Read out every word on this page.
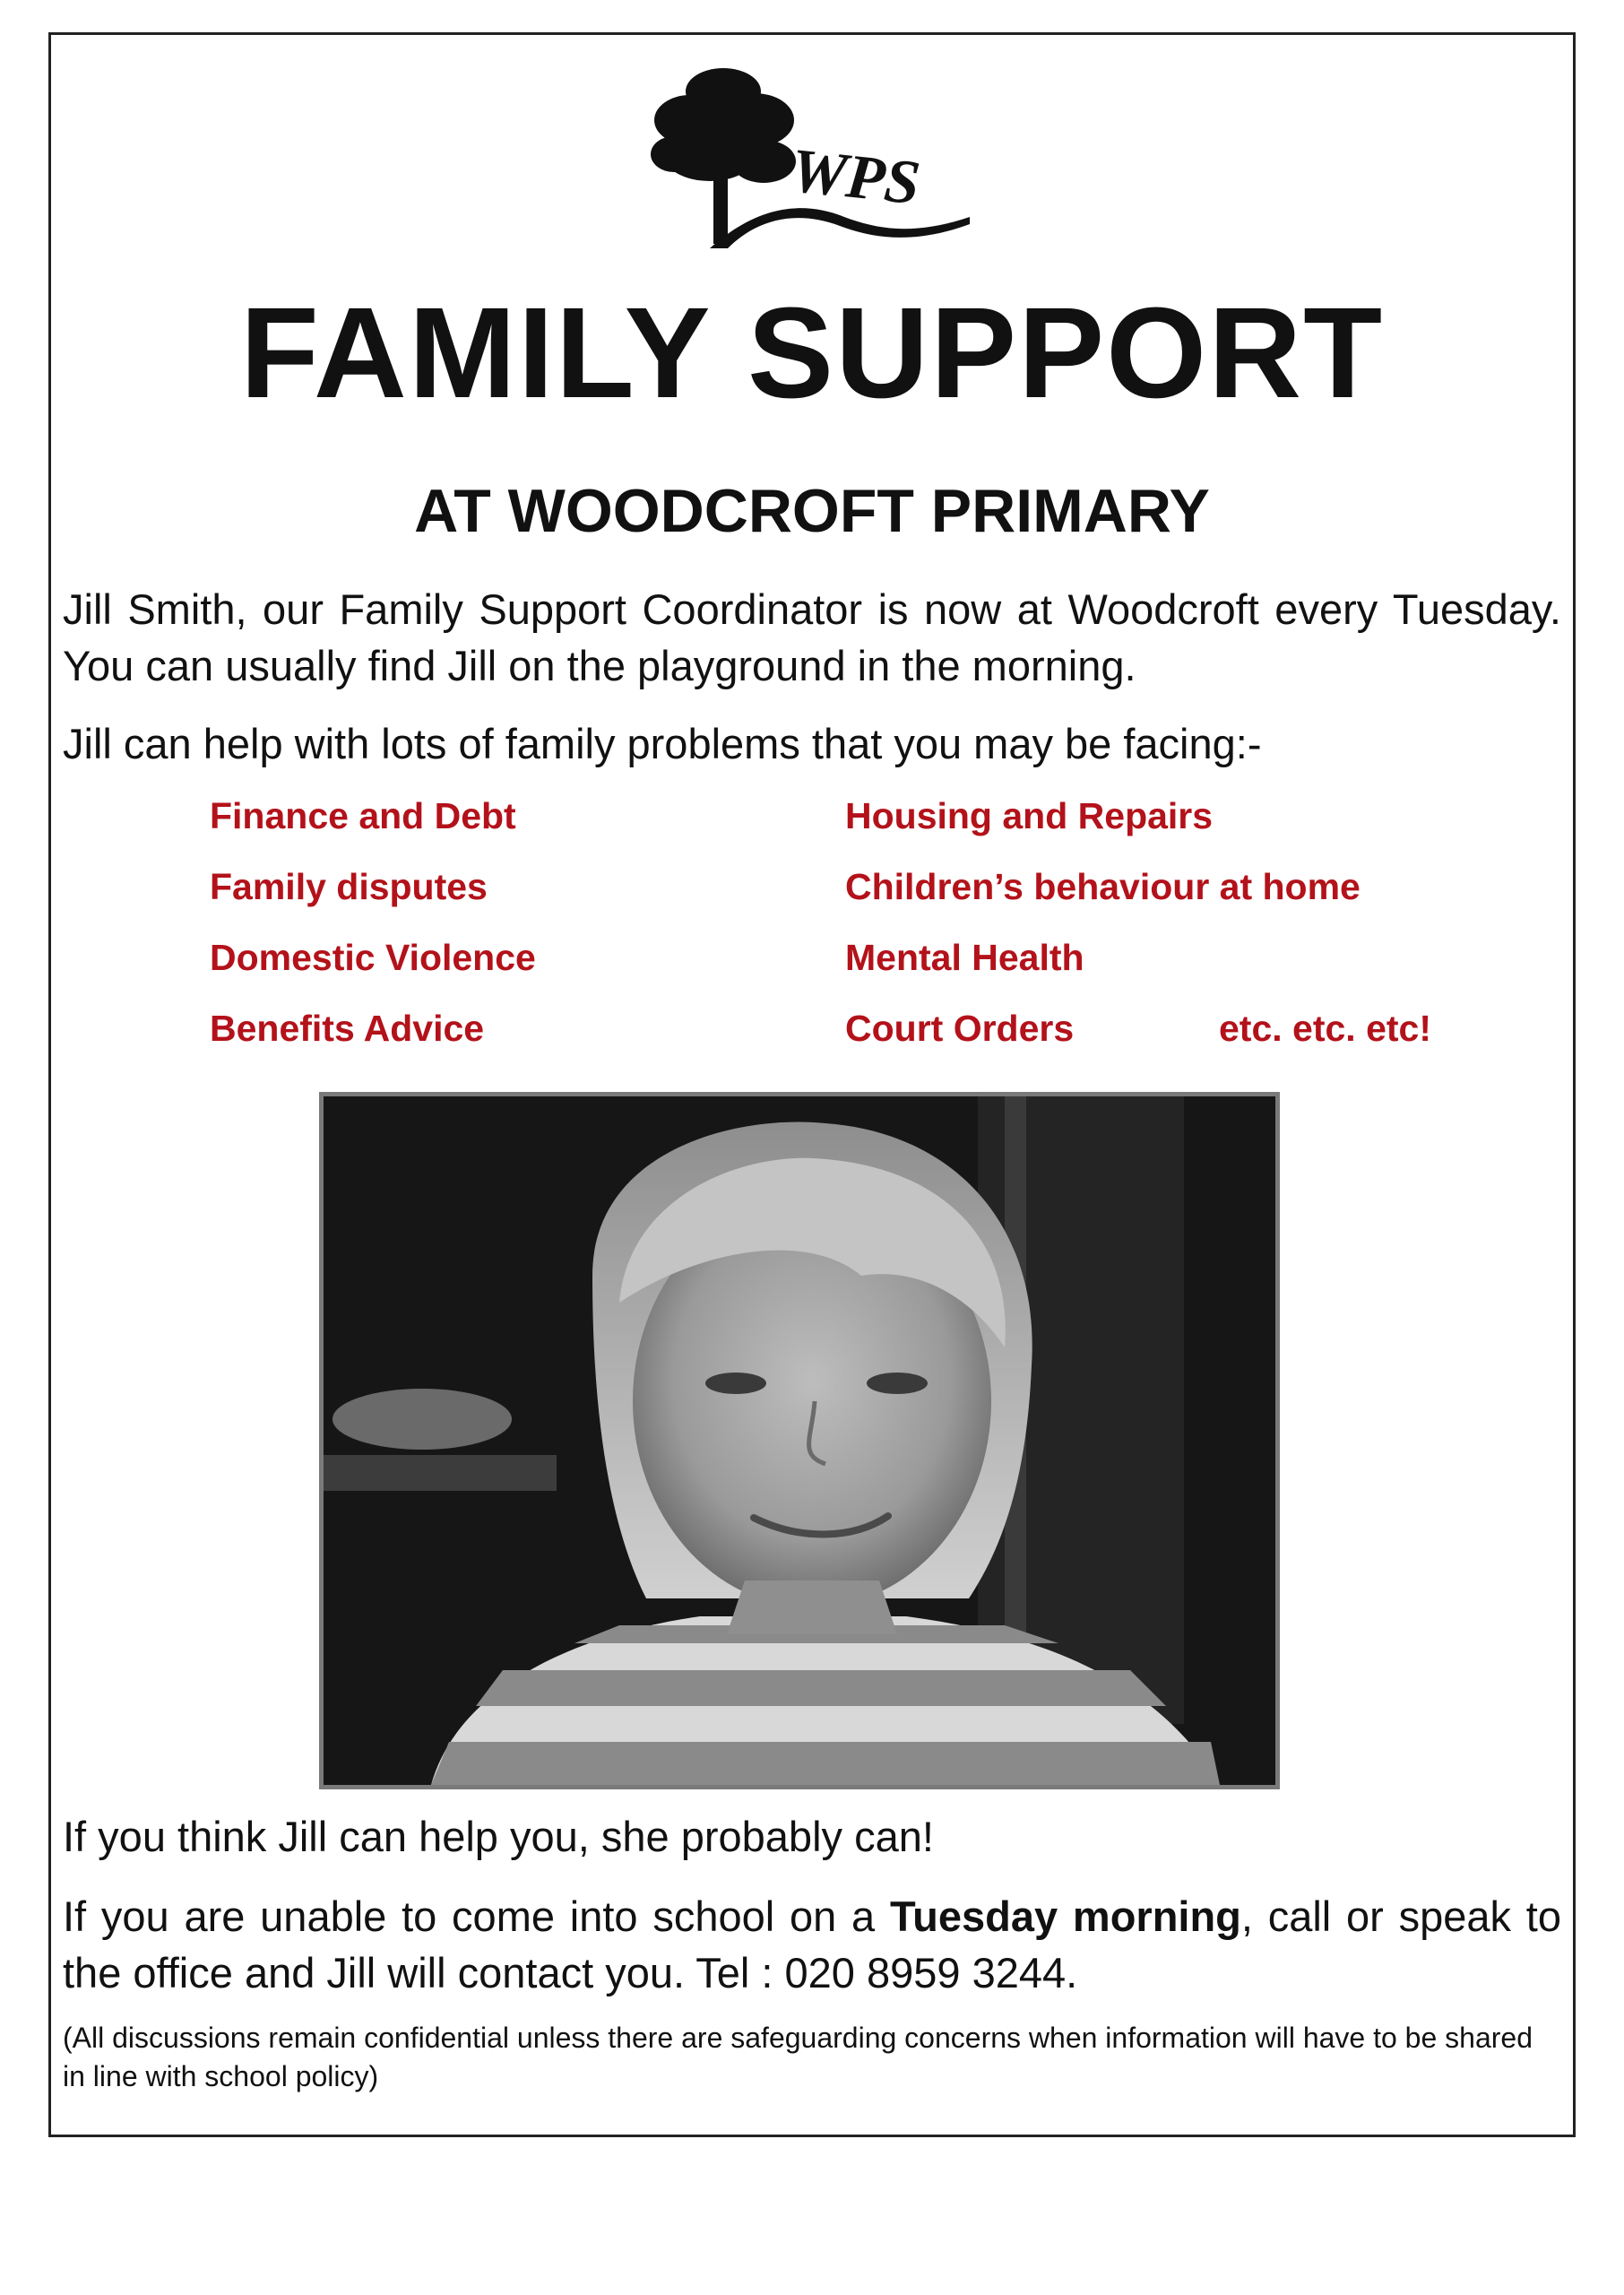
WPS
FAMILY SUPPORT
AT WOODCROFT PRIMARY
Jill Smith, our Family Support Coordinator is now at Woodcroft every Tuesday. You can usually find Jill on the playground in the morning.
Jill can help with lots of family problems that you may be facing:-
Finance and Debt
Family disputes
Domestic Violence
Benefits Advice
Housing and Repairs
Children’s behaviour at home
Mental Health
Court Orders	etc. etc. etc!
If you think Jill can help you, she probably can!
If you are unable to come into school on a Tuesday morning, call or speak to the office and Jill will contact you. Tel : 020 8959 3244.
(All discussions remain confidential unless there are safeguarding concerns when information will have to be shared in line with school policy)
